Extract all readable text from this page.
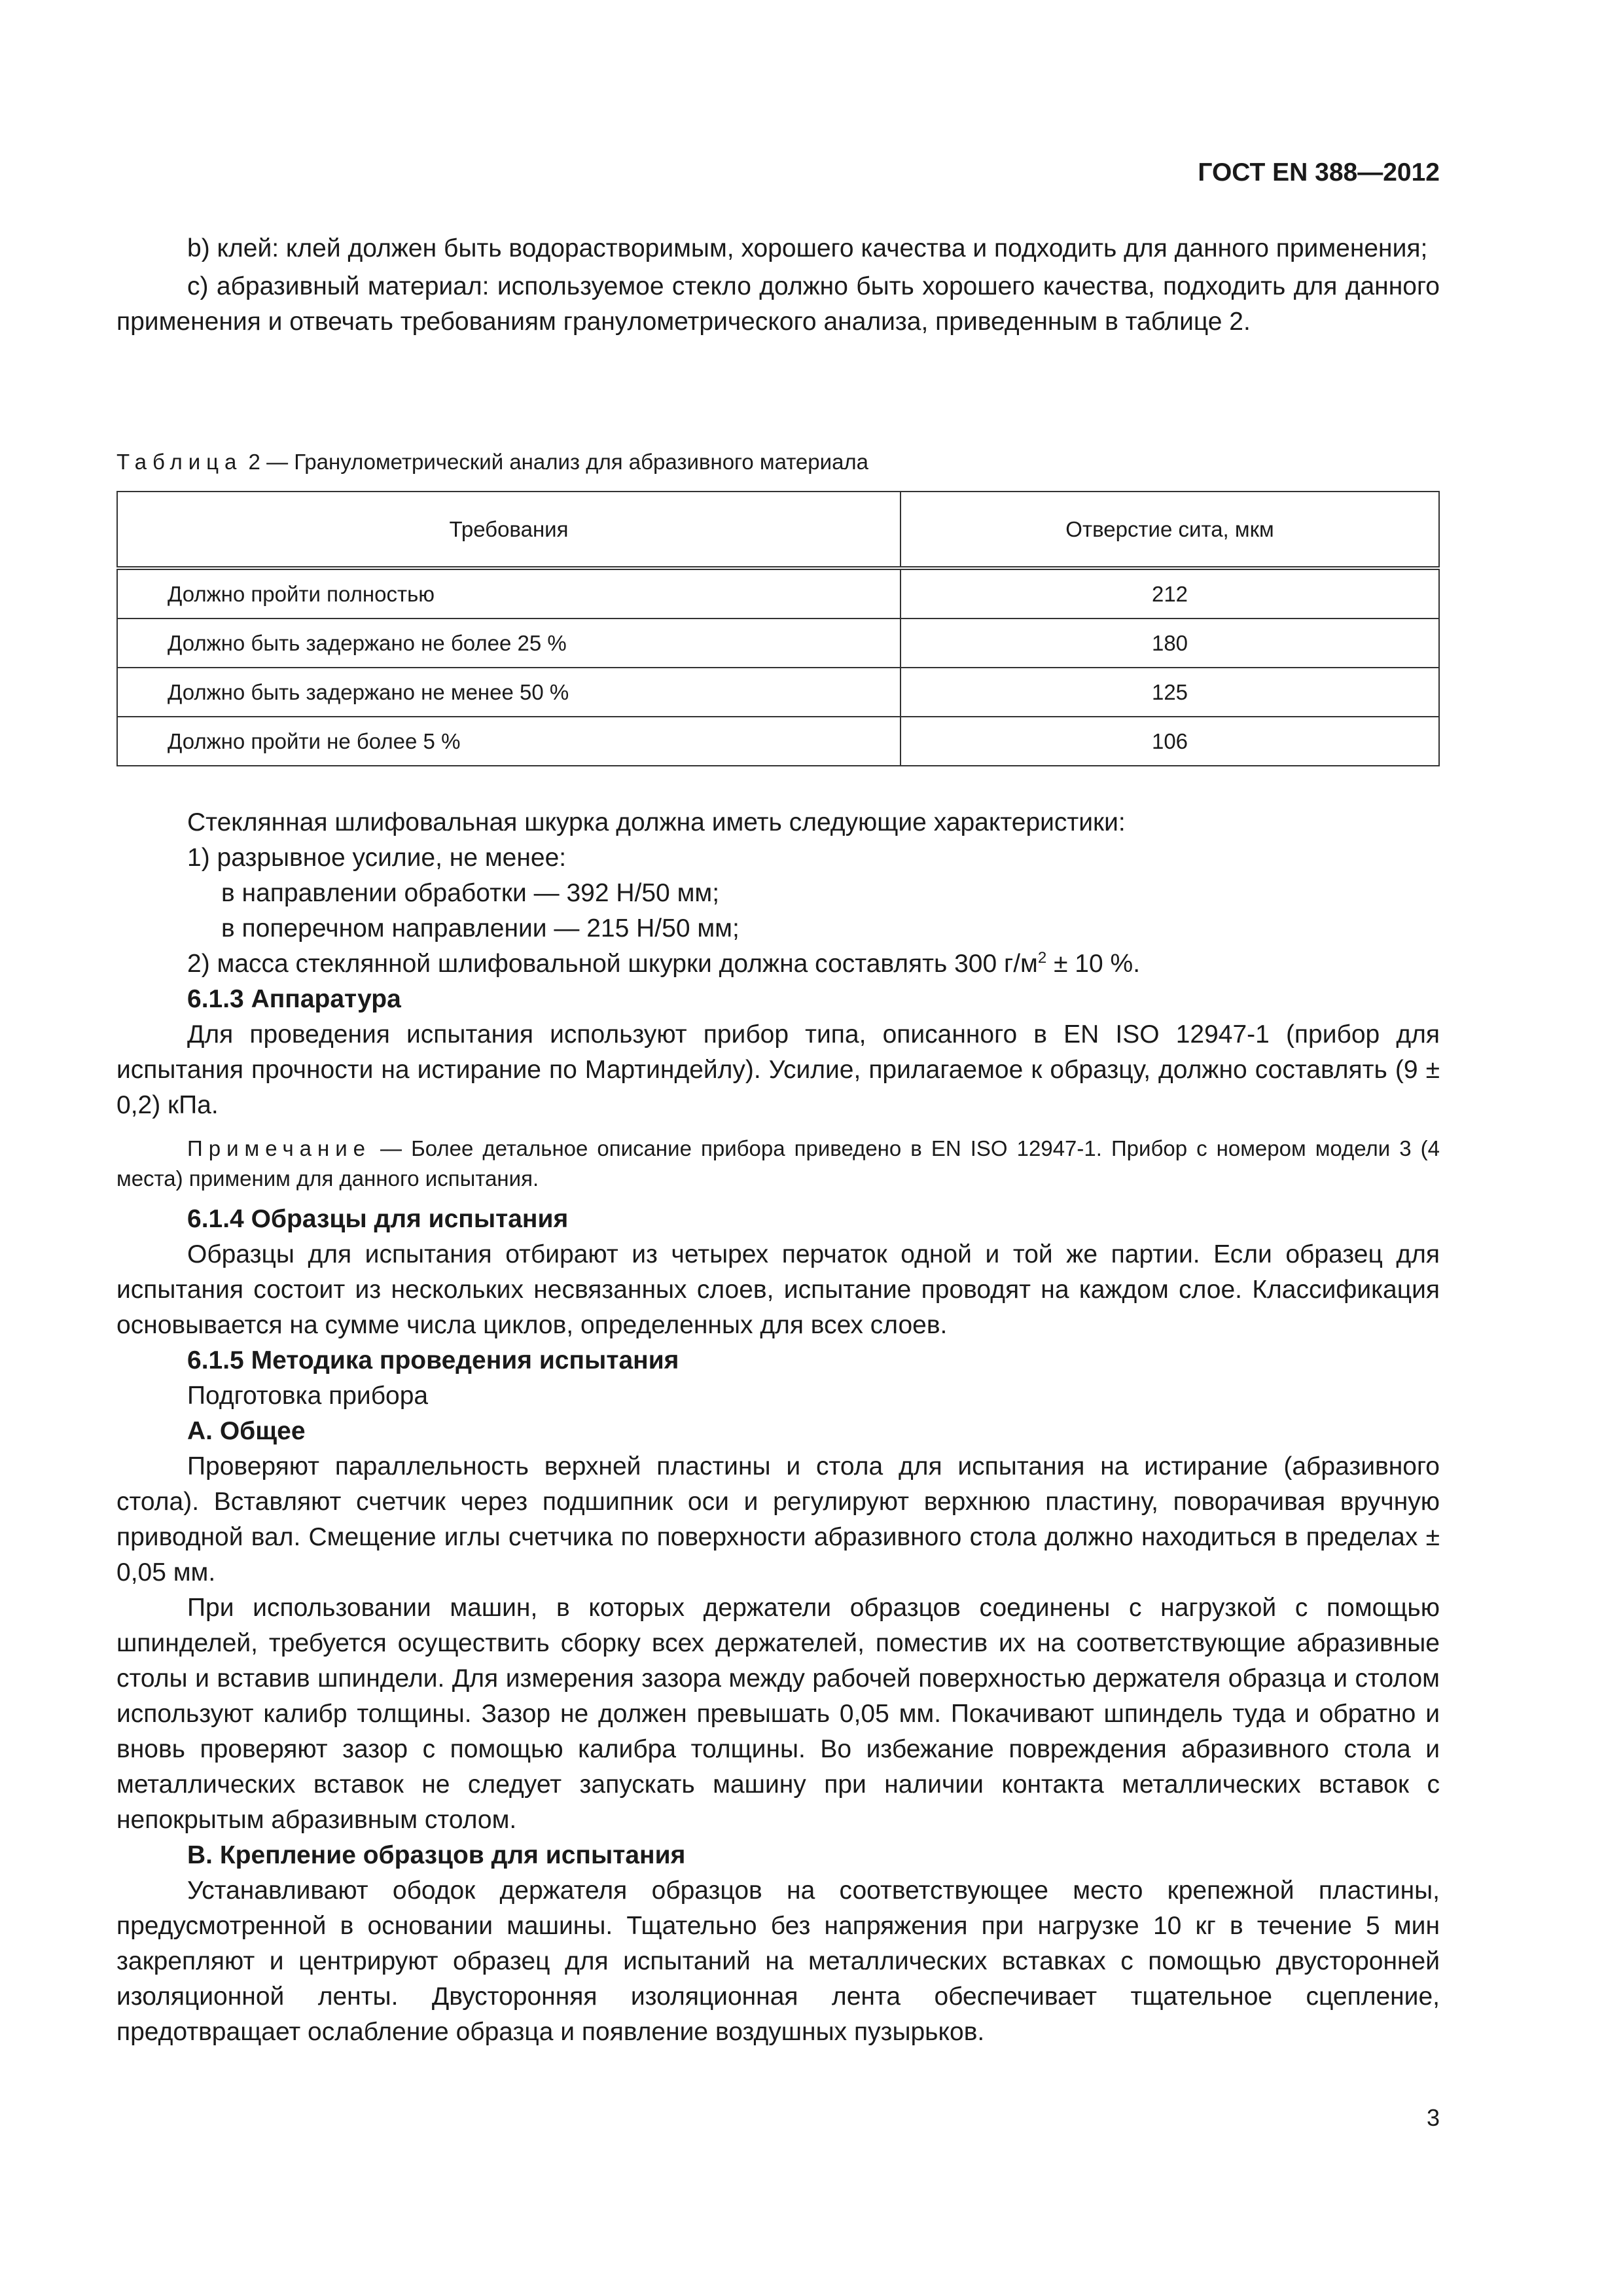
ГОСТ EN 388—2012

b) клей: клей должен быть водорастворимым, хорошего качества и подходить для данного применения;

c) абразивный материал: используемое стекло должно быть хорошего качества, подходить для данного применения и отвечать требованиям гранулометрического анализа, приведенным в таблице 2.

Таблица 2 — Гранулометрический анализ для абразивного материала

Требования	Отверстие сита, мкм
Должно пройти полностью	212
Должно быть задержано не более 25 %	180
Должно быть задержано не менее 50 %	125
Должно пройти не более 5 %	106

Стеклянная шлифовальная шкурка должна иметь следующие характеристики:

1) разрывное усилие, не менее:

в направлении обработки — 392 Н/50 мм;

в поперечном направлении — 215 Н/50 мм;

2) масса стеклянной шлифовальной шкурки должна составлять 300 $г/м^2 \pm 10$ %.

6.1.3 Аппаратура

Для проведения испытания используют прибор типа, описанного в EN ISO 12947-1 (прибор для испытания прочности на истирание по Мартиндейлу). Усилие, прилагаемое к образцу, должно составлять (9 ± 0,2) кПа.

Примечание — Более детальное описание прибора приведено в EN ISO 12947-1. Прибор с номером модели 3 (4 места) применим для данного испытания.

6.1.4 Образцы для испытания

Образцы для испытания отбирают из четырех перчаток одной и той же партии. Если образец для испытания состоит из нескольких несвязанных слоев, испытание проводят на каждом слое. Классификация основывается на сумме числа циклов, определенных для всех слоев.

6.1.5 Методика проведения испытания

Подготовка прибора

А. Общее

Проверяют параллельность верхней пластины и стола для испытания на истирание (абразивного стола). Вставляют счетчик через подшипник оси и регулируют верхнюю пластину, поворачивая вручную приводной вал. Смещение иглы счетчика по поверхности абразивного стола должно находиться в пределах ± 0,05 мм.

При использовании машин, в которых держатели образцов соединены с нагрузкой с помощью шпинделей, требуется осуществить сборку всех держателей, поместив их на соответствующие абразивные столы и вставив шпиндели. Для измерения зазора между рабочей поверхностью держателя образца и столом используют калибр толщины. Зазор не должен превышать 0,05 мм. Покачивают шпиндель туда и обратно и вновь проверяют зазор с помощью калибра толщины. Во избежание повреждения абразивного стола и металлических вставок не следует запускать машину при наличии контакта металлических вставок с непокрытым абразивным столом.

В. Крепление образцов для испытания

Устанавливают ободок держателя образцов на соответствующее место крепежной пластины, предусмотренной в основании машины. Тщательно без напряжения при нагрузке 10 кг в течение 5 мин закрепляют и центрируют образец для испытаний на металлических вставках с помощью двусторонней изоляционной ленты. Двусторонняя изоляционная лента обеспечивает тщательное сцепление, предотвращает ослабление образца и появление воздушных пузырьков.

3
